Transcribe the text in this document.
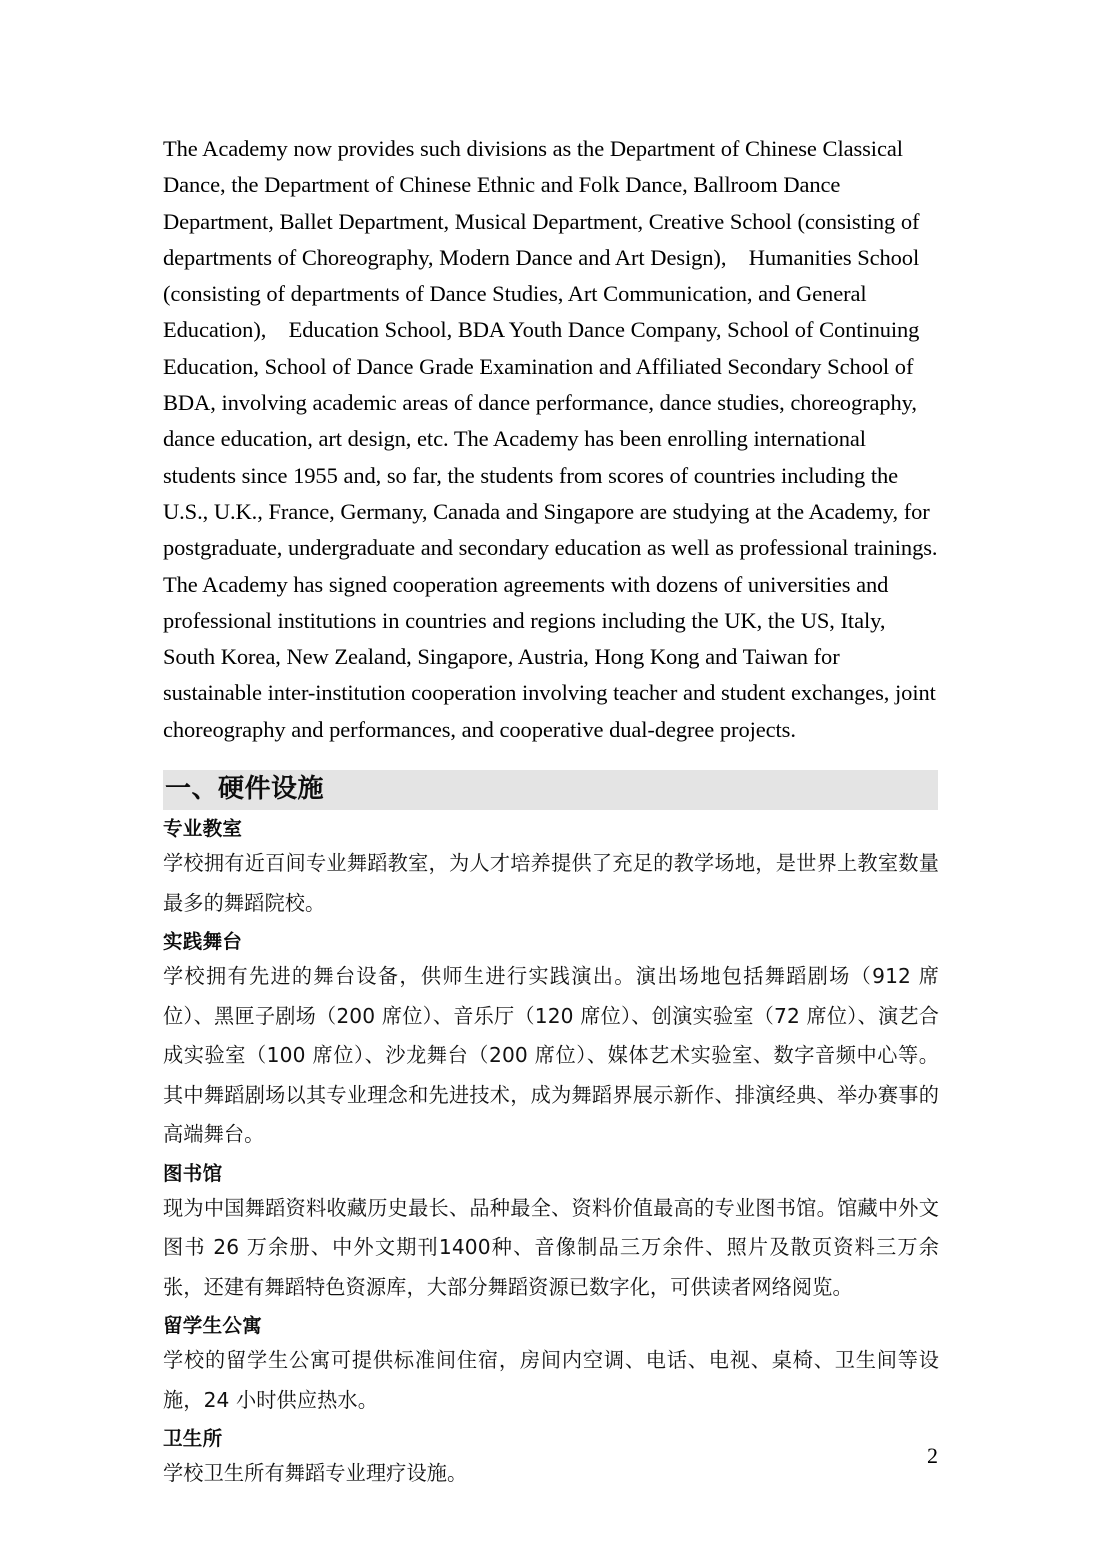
The Academy now provides such divisions as the Department of Chinese Classical Dance, the Department of Chinese Ethnic and Folk Dance, Ballroom Dance Department, Ballet Department, Musical Department, Creative School (consisting of departments of Choreography, Modern Dance and Art Design),　Humanities School (consisting of departments of Dance Studies, Art Communication, and General Education),　Education School, BDA Youth Dance Company, School of Continuing Education, School of Dance Grade Examination and Affiliated Secondary School of BDA, involving academic areas of dance performance, dance studies, choreography, dance education, art design, etc. The Academy has been enrolling international students since 1955 and, so far, the students from scores of countries including the U.S., U.K., France, Germany, Canada and Singapore are studying at the Academy, for postgraduate, undergraduate and secondary education as well as professional trainings.

The Academy has signed cooperation agreements with dozens of universities and professional institutions in countries and regions including the UK, the US, Italy, South Korea, New Zealand, Singapore, Austria, Hong Kong and Taiwan for sustainable inter-institution cooperation involving teacher and student exchanges, joint choreography and performances, and cooperative dual-degree projects.

一、硬件设施
专业教室

学校拥有近百间专业舞蹈教室，为人才培养提供了充足的教学场地，是世界上教室数量最多的舞蹈院校。

实践舞台

学校拥有先进的舞台设备，供师生进行实践演出。演出场地包括舞蹈剧场（912 席位）、黑匣子剧场（200 席位）、音乐厅（120 席位）、创演实验室（72 席位）、演艺合成实验室（100 席位）、沙龙舞台（200 席位）、媒体艺术实验室、数字音频中心等。其中舞蹈剧场以其专业理念和先进技术，成为舞蹈界展示新作、排演经典、举办赛事的高端舞台。

图书馆

现为中国舞蹈资料收藏历史最长、品种最全、资料价值最高的专业图书馆。馆藏中外文图书 26 万余册、中外文期刊1400种、音像制品三万余件、照片及散页资料三万余张，还建有舞蹈特色资源库，大部分舞蹈资源已数字化，可供读者网络阅览。

留学生公寓

学校的留学生公寓可提供标准间住宿，房间内空调、电话、电视、桌椅、卫生间等设施，24 小时供应热水。

卫生所

学校卫生所有舞蹈专业理疗设施。

2
